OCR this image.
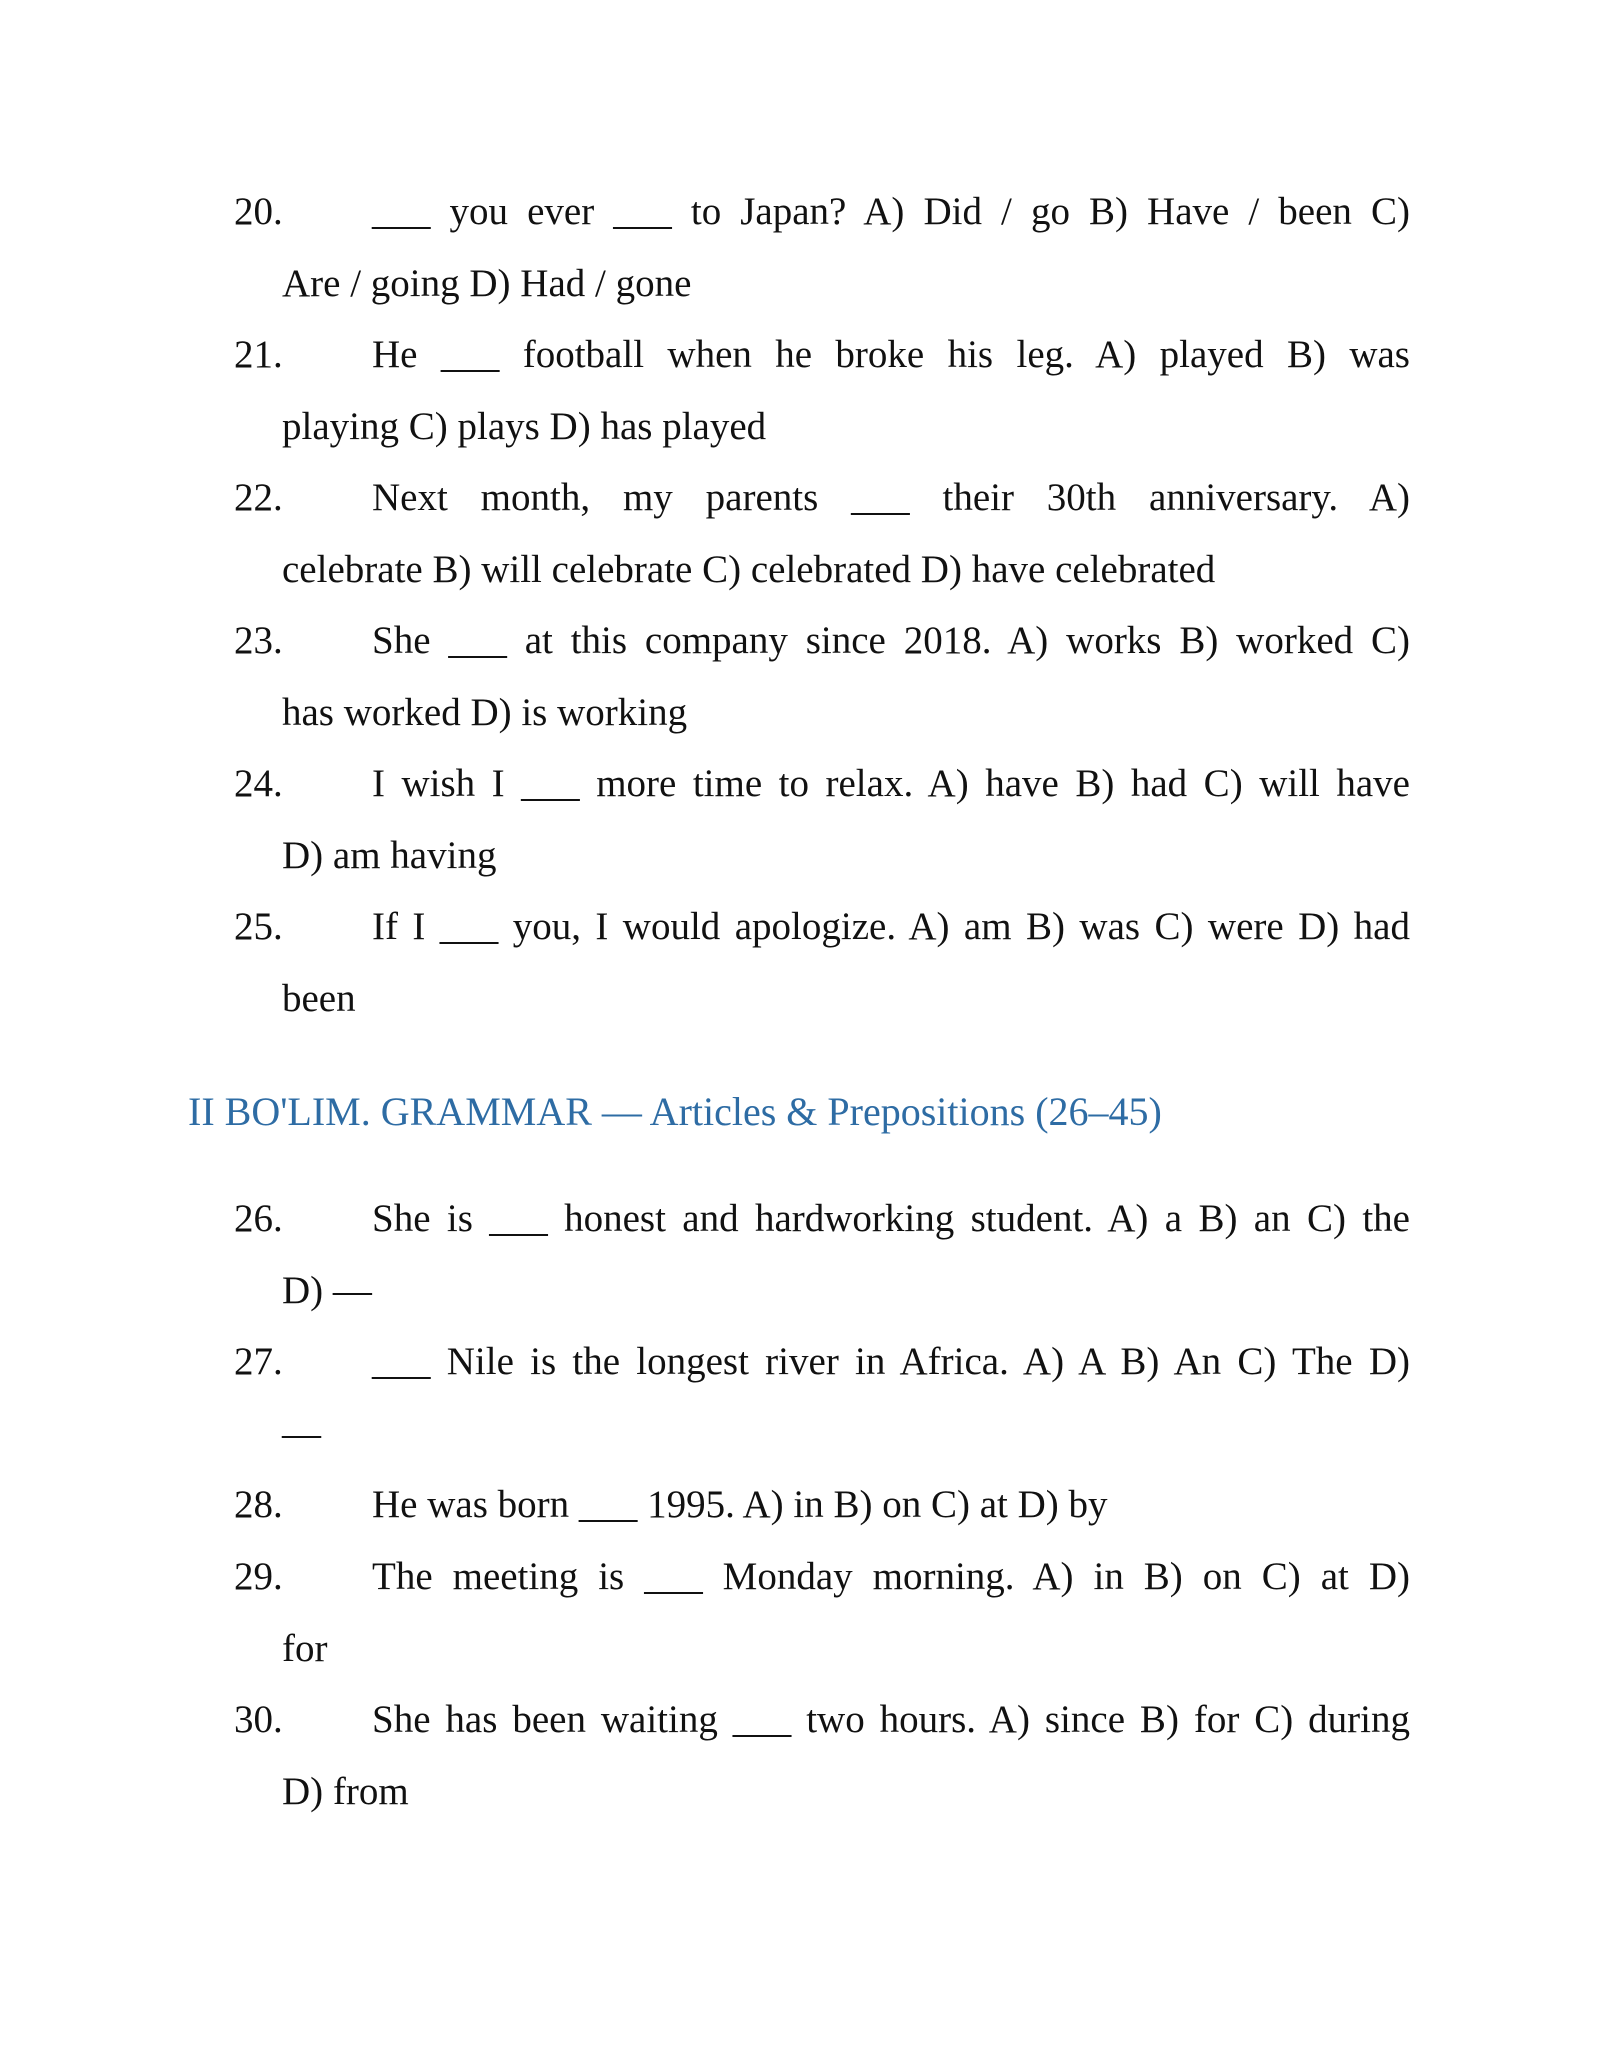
20.	___ you ever ___ to Japan? A) Did / go B) Have / been C)
Are / going D) Had / gone
21.	He ___ football when he broke his leg. A) played B) was
playing C) plays D) has played
22.	Next month, my parents ___ their 30th anniversary. A)
celebrate B) will celebrate C) celebrated D) have celebrated
23.	She ___ at this company since 2018. A) works B) worked C)
has worked D) is working
24.	I wish I ___ more time to relax. A) have B) had C) will have
D) am having
25.	If I ___ you, I would apologize. A) am B) was C) were D) had
been
II BO'LIM. GRAMMAR — Articles & Prepositions (26–45)
26.	She is ___ honest and hardworking student. A) a B) an C) the
D) —
27.	___ Nile is the longest river in Africa. A) A B) An C) The D)
—
28.	He was born ___ 1995. A) in B) on C) at D) by
29.	The meeting is ___ Monday morning. A) in B) on C) at D)
for
30.	She has been waiting ___ two hours. A) since B) for C) during
D) from
